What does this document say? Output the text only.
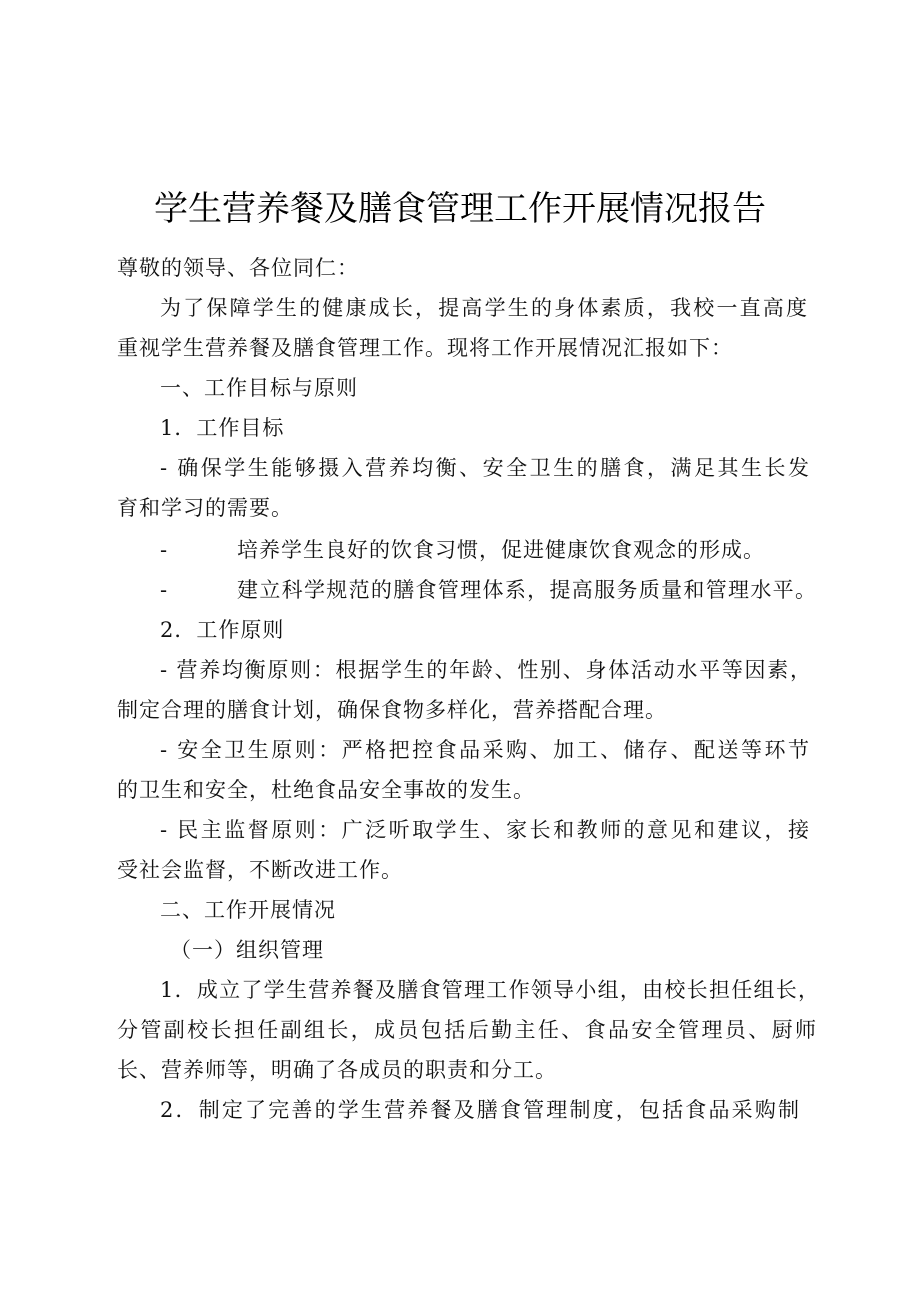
学生营养餐及膳食管理工作开展情况报告

尊敬的领导、各位同仁：

为了保障学生的健康成长，提高学生的身体素质，我校一直高度

重视学生营养餐及膳食管理工作。现将工作开展情况汇报如下：

一、工作目标与原则

1．工作目标

- 确保学生能够摄入营养均衡、安全卫生的膳食，满足其生长发

育和学习的需要。

-	培养学生良好的饮食习惯，促进健康饮食观念的形成。

-	建立科学规范的膳食管理体系，提高服务质量和管理水平。

2．工作原则

- 营养均衡原则：根据学生的年龄、性别、身体活动水平等因素，

制定合理的膳食计划，确保食物多样化，营养搭配合理。

- 安全卫生原则：严格把控食品采购、加工、储存、配送等环节

的卫生和安全，杜绝食品安全事故的发生。

- 民主监督原则：广泛听取学生、家长和教师的意见和建议，接

受社会监督，不断改进工作。

二、工作开展情况

（一）组织管理

1．成立了学生营养餐及膳食管理工作领导小组，由校长担任组长，

分管副校长担任副组长，成员包括后勤主任、食品安全管理员、厨师

长、营养师等，明确了各成员的职责和分工。

2．制定了完善的学生营养餐及膳食管理制度，包括食品采购制
